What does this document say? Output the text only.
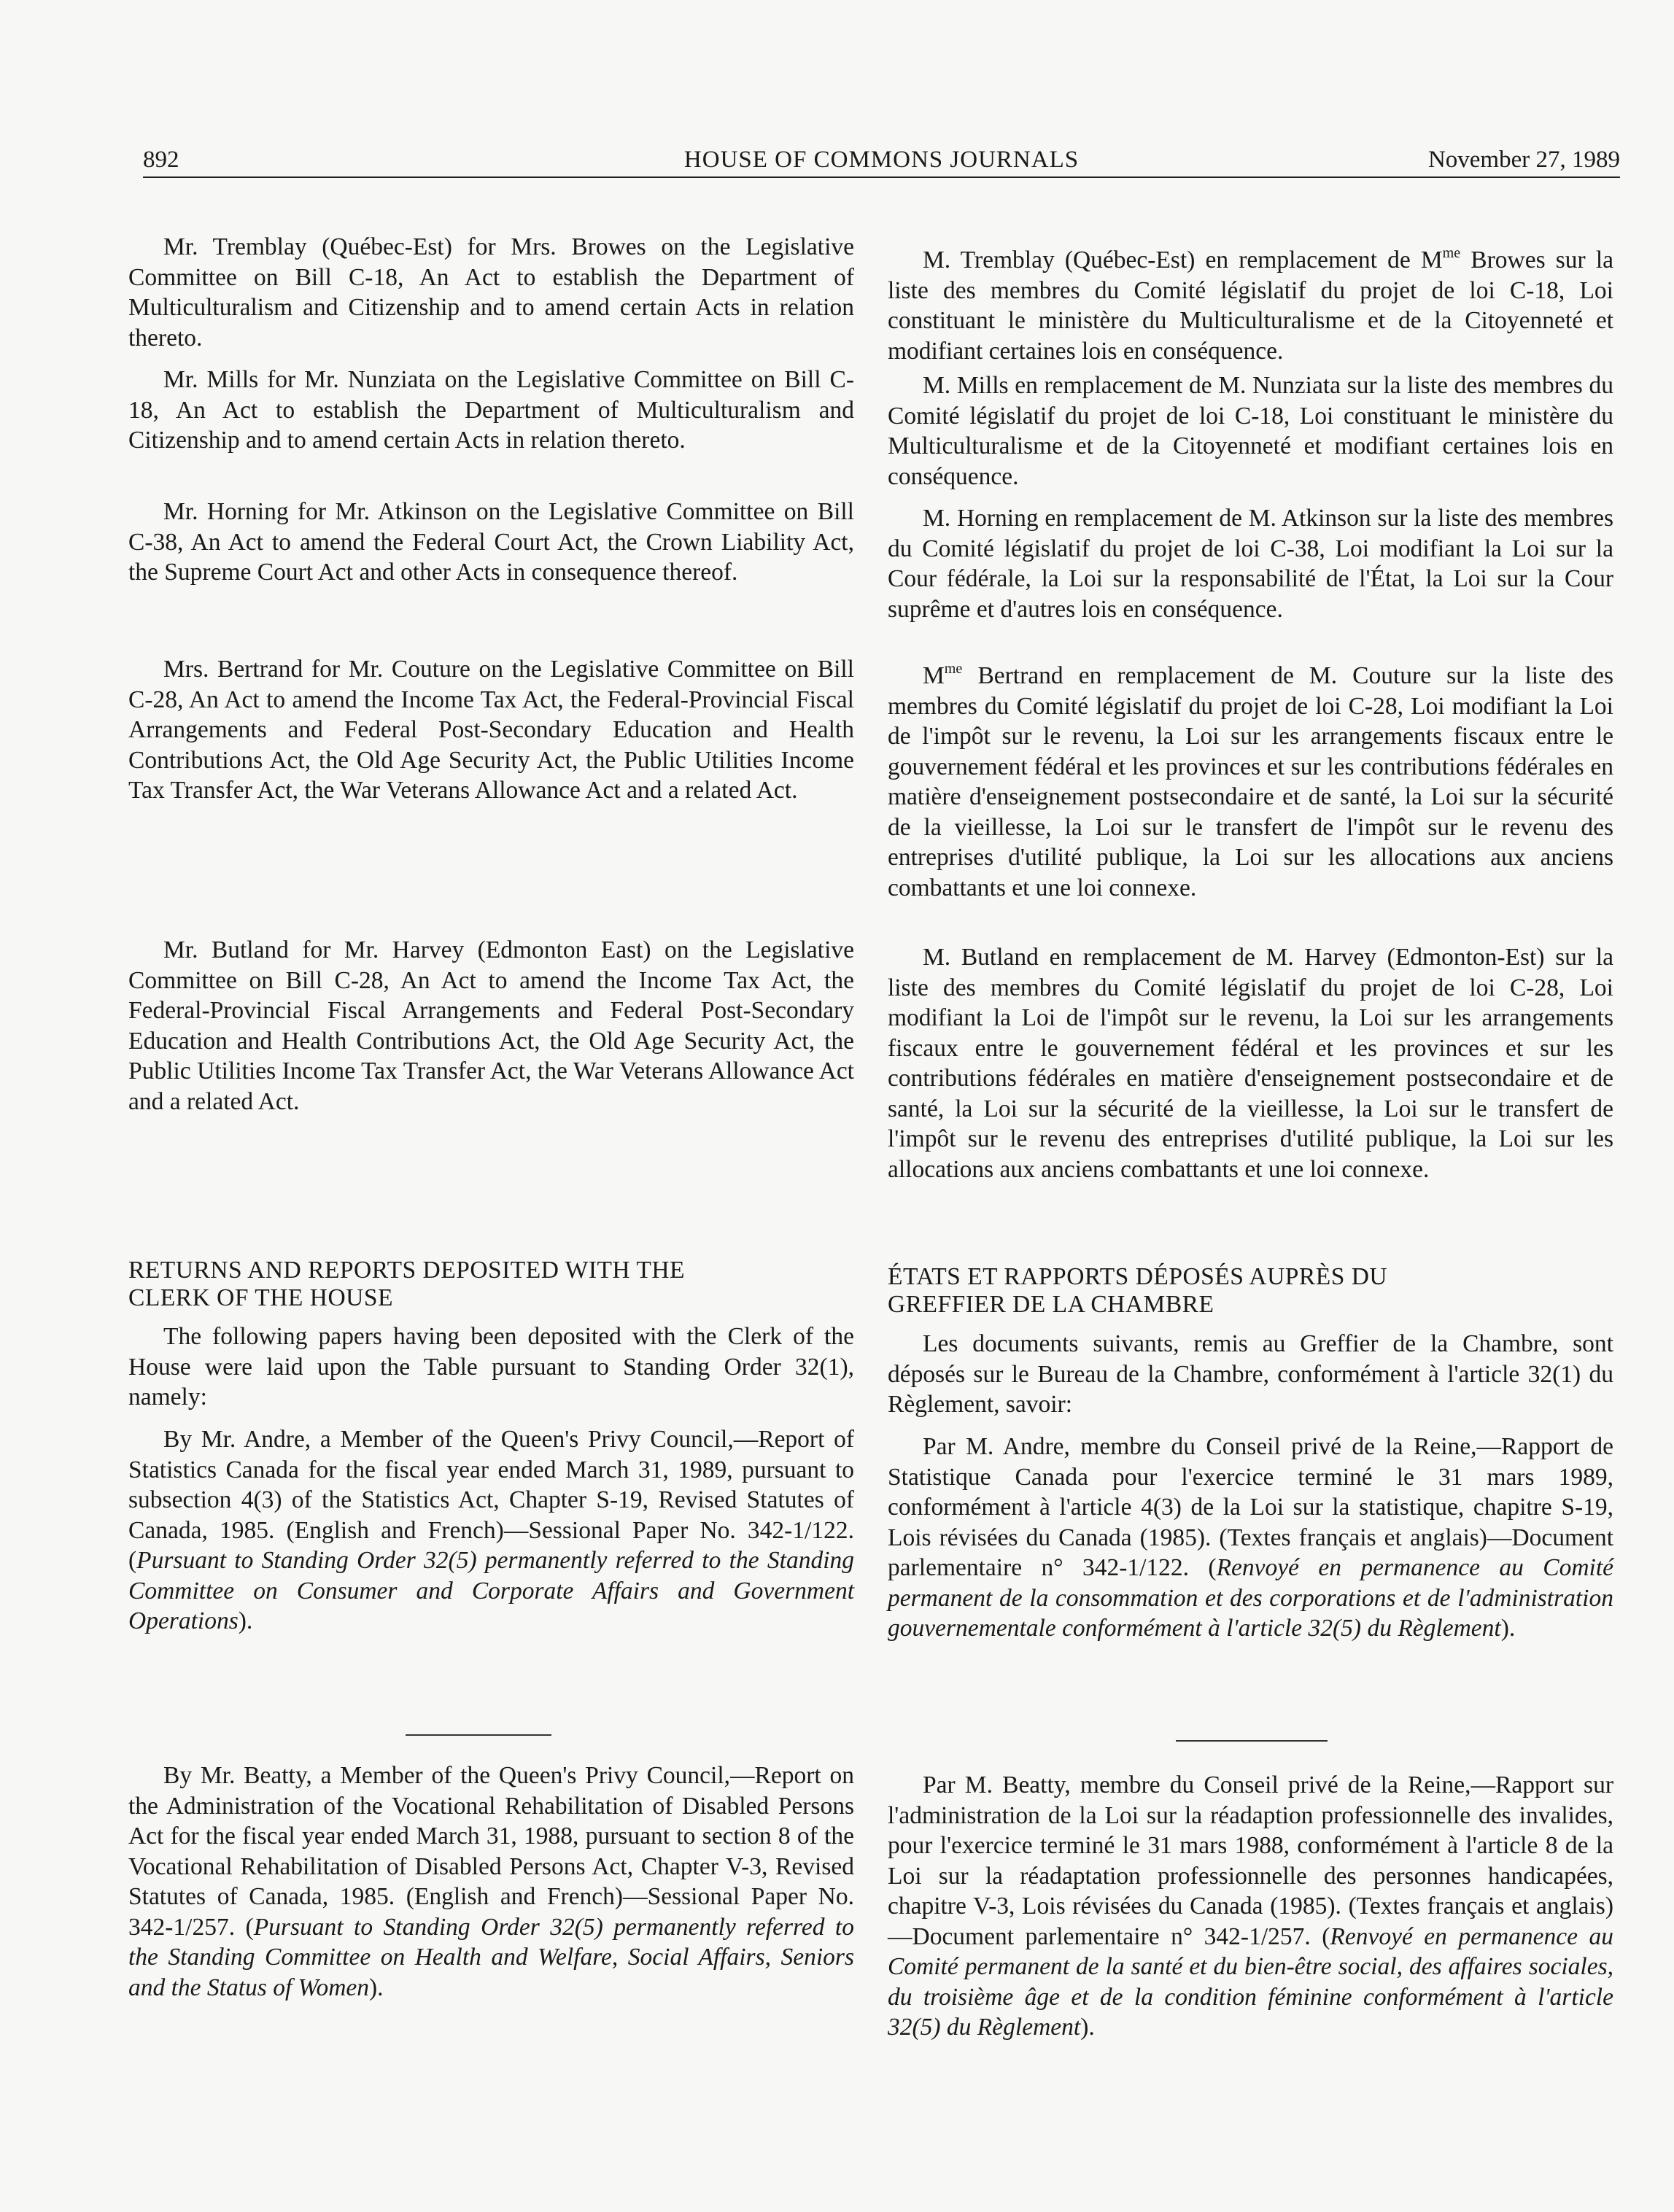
892	HOUSE OF COMMONS JOURNALS	November 27, 1989

Mr. Tremblay (Québec-Est) for Mrs. Browes on the Legislative Committee on Bill C-18, An Act to establish the Department of Multiculturalism and Citizenship and to amend certain Acts in relation thereto.

Mr. Mills for Mr. Nunziata on the Legislative Committee on Bill C-18, An Act to establish the Department of Multiculturalism and Citizenship and to amend certain Acts in relation thereto.

Mr. Horning for Mr. Atkinson on the Legislative Committee on Bill C-38, An Act to amend the Federal Court Act, the Crown Liability Act, the Supreme Court Act and other Acts in consequence thereof.

Mrs. Bertrand for Mr. Couture on the Legislative Committee on Bill C-28, An Act to amend the Income Tax Act, the Federal-Provincial Fiscal Arrangements and Federal Post-Secondary Education and Health Contributions Act, the Old Age Security Act, the Public Utilities Income Tax Transfer Act, the War Veterans Allowance Act and a related Act.

Mr. Butland for Mr. Harvey (Edmonton East) on the Legislative Committee on Bill C-28, An Act to amend the Income Tax Act, the Federal-Provincial Fiscal Arrangements and Federal Post-Secondary Education and Health Contributions Act, the Old Age Security Act, the Public Utilities Income Tax Transfer Act, the War Veterans Allowance Act and a related Act.

RETURNS AND REPORTS DEPOSITED WITH THE

CLERK OF THE HOUSE

The following papers having been deposited with the Clerk of the House were laid upon the Table pursuant to Standing Order 32(1), namely:

By Mr. Andre, a Member of the Queen's Privy Council,—Report of Statistics Canada for the fiscal year ended March 31, 1989, pursuant to subsection 4(3) of the Statistics Act, Chapter S-19, Revised Statutes of Canada, 1985. (English and French)—Sessional Paper No. 342-1/122. (Pursuant to Standing Order 32(5) permanently referred to the Standing Committee on Consumer and Corporate Affairs and Government Operations).

By Mr. Beatty, a Member of the Queen's Privy Council,—Report on the Administration of the Vocational Rehabilitation of Disabled Persons Act for the fiscal year ended March 31, 1988, pursuant to section 8 of the Vocational Rehabilitation of Disabled Persons Act, Chapter V-3, Revised Statutes of Canada, 1985. (English and French)—Sessional Paper No. 342-1/257. (Pursuant to Standing Order 32(5) permanently referred to the Standing Committee on Health and Welfare, Social Affairs, Seniors and the Status of Women).

M. Tremblay (Québec-Est) en remplacement de $M^{me}$ Browes sur la liste des membres du Comité législatif du projet de loi C-18, Loi constituant le ministère du Multiculturalisme et de la Citoyenneté et modifiant certaines lois en conséquence.

M. Mills en remplacement de M. Nunziata sur la liste des membres du Comité législatif du projet de loi C-18, Loi constituant le ministère du Multiculturalisme et de la Citoyenneté et modifiant certaines lois en conséquence.

M. Horning en remplacement de M. Atkinson sur la liste des membres du Comité législatif du projet de loi C-38, Loi modifiant la Loi sur la Cour fédérale, la Loi sur la responsabilité de l'État, la Loi sur la Cour suprême et d'autres lois en conséquence.

$M^{me}$ Bertrand en remplacement de M. Couture sur la liste des membres du Comité législatif du projet de loi C-28, Loi modifiant la Loi de l'impôt sur le revenu, la Loi sur les arrangements fiscaux entre le gouvernement fédéral et les provinces et sur les contributions fédérales en matière d'enseignement postsecondaire et de santé, la Loi sur la sécurité de la vieillesse, la Loi sur le transfert de l'impôt sur le revenu des entreprises d'utilité publique, la Loi sur les allocations aux anciens combattants et une loi connexe.

M. Butland en remplacement de M. Harvey (Edmonton-Est) sur la liste des membres du Comité législatif du projet de loi C-28, Loi modifiant la Loi de l'impôt sur le revenu, la Loi sur les arrangements fiscaux entre le gouvernement fédéral et les provinces et sur les contributions fédérales en matière d'enseignement postsecondaire et de santé, la Loi sur la sécurité de la vieillesse, la Loi sur le transfert de l'impôt sur le revenu des entreprises d'utilité publique, la Loi sur les allocations aux anciens combattants et une loi connexe.

ÉTATS ET RAPPORTS DÉPOSÉS AUPRÈS DU

GREFFIER DE LA CHAMBRE

Les documents suivants, remis au Greffier de la Chambre, sont déposés sur le Bureau de la Chambre, conformément à l'article 32(1) du Règlement, savoir:

Par M. Andre, membre du Conseil privé de la Reine,—Rapport de Statistique Canada pour l'exercice terminé le 31 mars 1989, conformément à l'article 4(3) de la Loi sur la statistique, chapitre S-19, Lois révisées du Canada (1985). (Textes français et anglais)—Document parlementaire n° 342-1/122. (Renvoyé en permanence au Comité permanent de la consommation et des corporations et de l'administration gouvernementale conformément à l'article 32(5) du Règlement).

Par M. Beatty, membre du Conseil privé de la Reine,—Rapport sur l'administration de la Loi sur la réadaption professionnelle des invalides, pour l'exercice terminé le 31 mars 1988, conformément à l'article 8 de la Loi sur la réadaptation professionnelle des personnes handicapées, chapitre V-3, Lois révisées du Canada (1985). (Textes français et anglais)—Document parlementaire n° 342-1/257. (Renvoyé en permanence au Comité permanent de la santé et du bien-être social, des affaires sociales, du troisième âge et de la condition féminine conformément à l'article 32(5) du Règlement).
